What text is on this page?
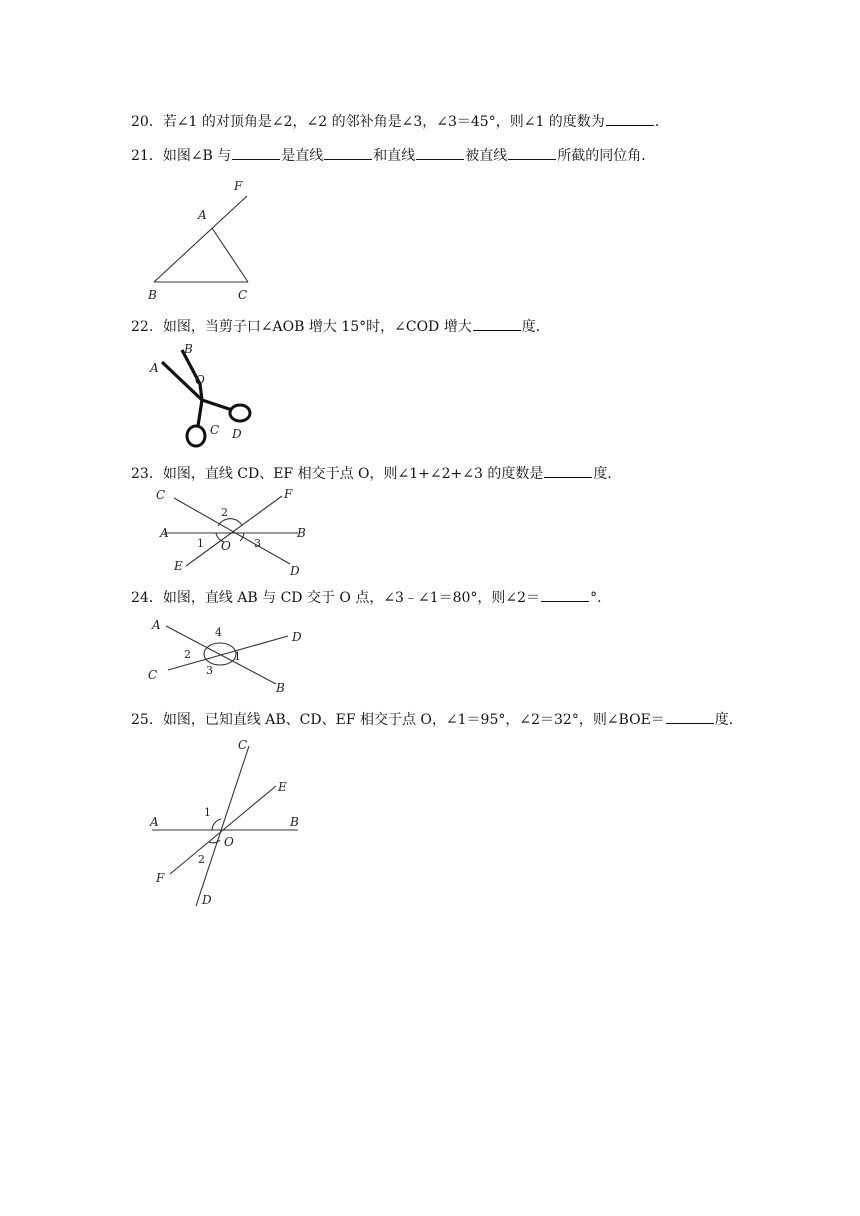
20．若∠1 的对顶角是∠2，∠2 的邻补角是∠3，∠3＝45°，则∠1 的度数为	．
21．如图∠B 与	是直线	和直线	被直线	所截的同位角．
F
A
B	C
22．如图，当剪子口∠AOB 增大 15°时，∠COD 增大	度．
A
B
O
C D
23．如图，直线 CD、EF 相交于点 O，则∠1+∠2+∠3 的度数是	度．
A
C	F
B
E	D
O
1
2
3
24．如图，直线 AB 与 CD 交于 O 点，∠3﹣∠1＝80°，则∠2＝	°．
A
D
C
B
1
2
3
4
25．如图，已知直线 AB、CD、EF 相交于点 O，∠1＝95°，∠2＝32°，则∠BOE＝	度．
C
E
A	B
O
F
D
1
2
